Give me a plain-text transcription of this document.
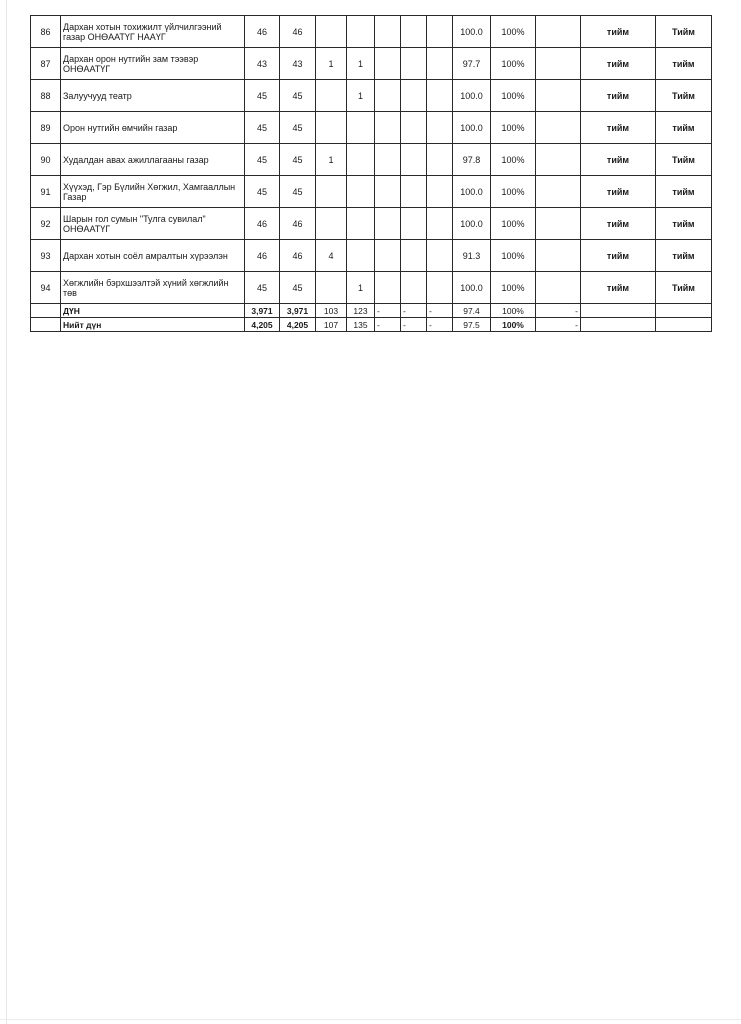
86	Дархан хотын тохижилт үйлчилгээний газар ОНӨААТҮГ НААҮГ	46	46						100.0	100%		тийм	Тийм
87	Дархан орон нутгийн зам тээвэр ОНӨААТҮГ	43	43	1	1				97.7	100%		тийм	тийм
88	Залуучууд театр	45	45		1				100.0	100%		тийм	Тийм
89	Орон нутгийн өмчийн газар	45	45						100.0	100%		тийм	тийм
90	Худалдан авах ажиллагааны газар	45	45	1					97.8	100%		тийм	Тийм
91	Хүүхэд, Гэр Бүлийн Хөгжил, Хамгааллын Газар	45	45						100.0	100%		тийм	тийм
92	Шарын гол сумын "Тулга сувилал" ОНӨААТҮГ	46	46						100.0	100%		тийм	тийм
93	Дархан хотын соёл амралтын хүрээлэн	46	46	4					91.3	100%		тийм	тийм
94	Хөгжлийн бэрхшээлтэй хүний хөгжлийн төв	45	45		1				100.0	100%		тийм	Тийм
	ДҮН	3,971	3,971	103	123	-	-	-	97.4	100%	-		
	Нийт дүн	4,205	4,205	107	135	-	-	-	97.5	100%	-		
